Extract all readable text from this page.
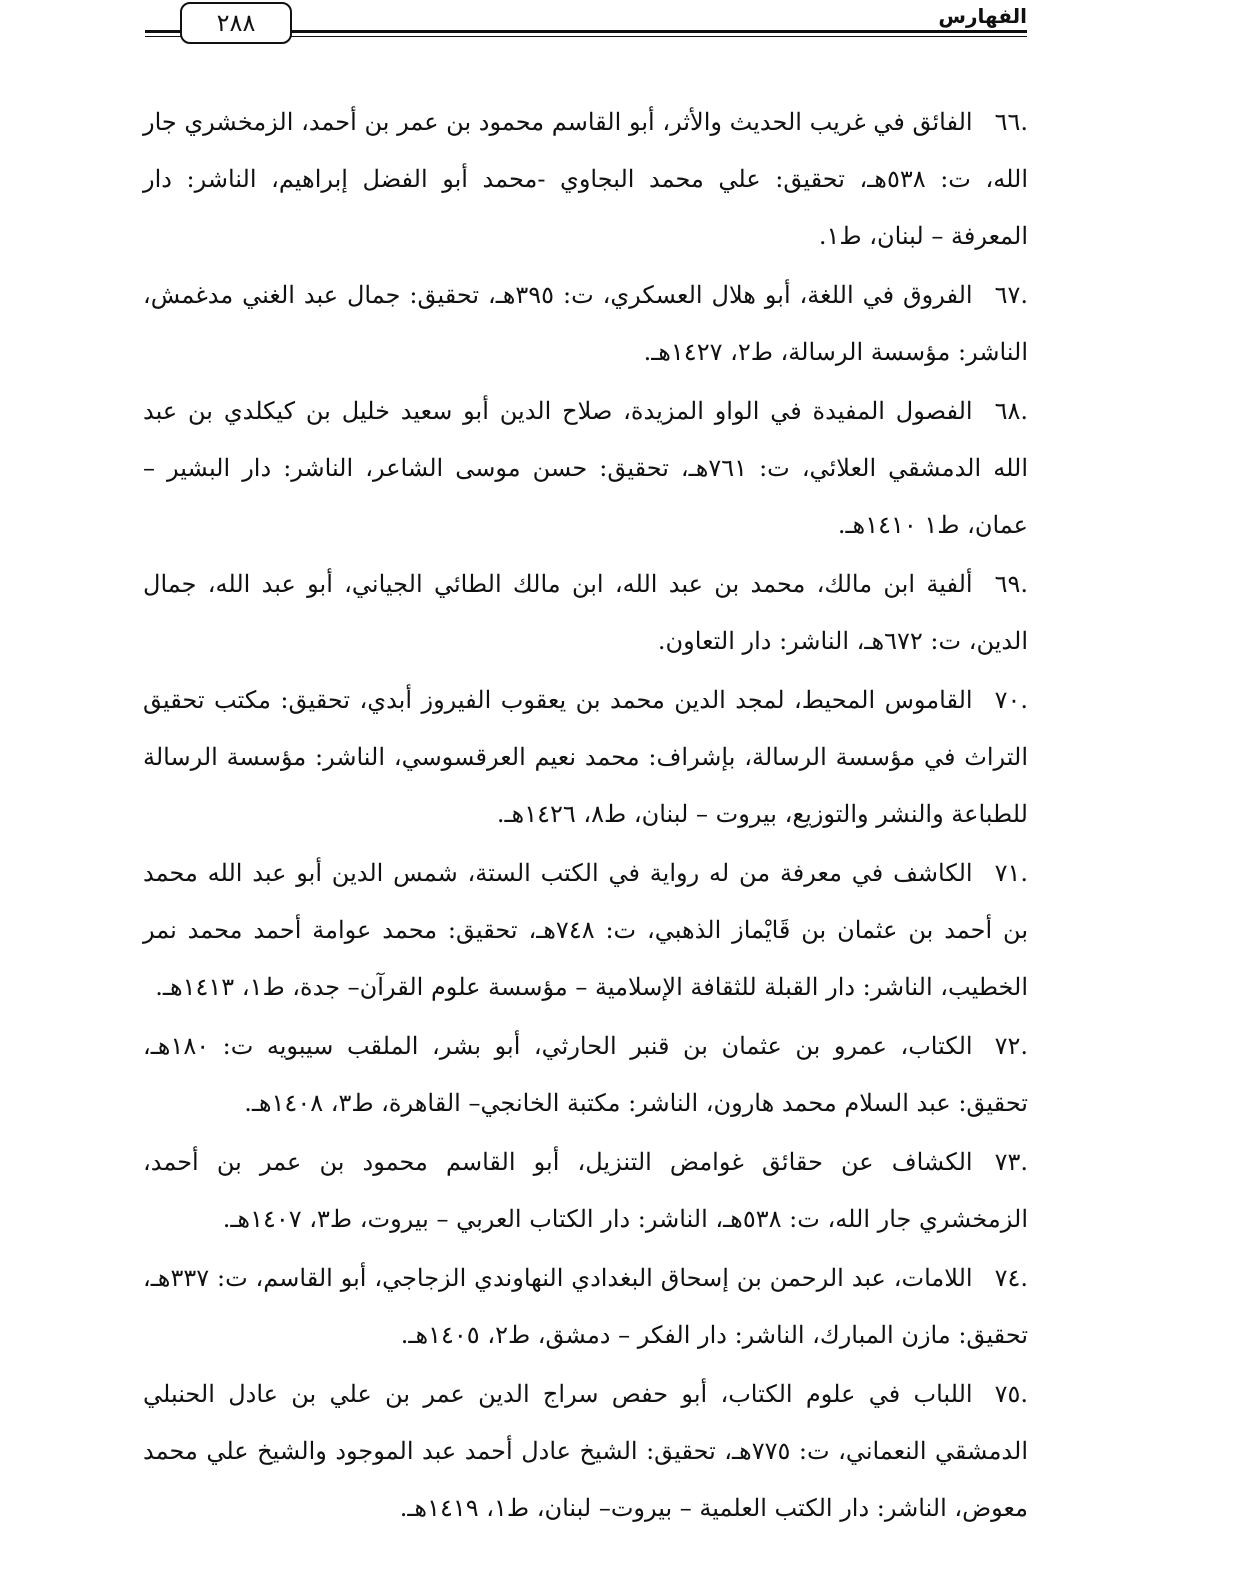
٢٨٨	الفهارس

.٦٦الفائق في غريب الحديث والأثر، أبو القاسم محمود بن عمر بن أحمد، الزمخشري جار الله، ت: ٥٣٨هـ، تحقيق: علي محمد البجاوي -محمد أبو الفضل إبراهيم، الناشر: دار المعرفة – لبنان، ط١.

.٦٧الفروق في اللغة، أبو هلال العسكري، ت: ٣٩٥هـ، تحقيق: جمال عبد الغني مدغمش، الناشر: مؤسسة الرسالة، ط٢، ١٤٢٧هـ.

.٦٨الفصول المفيدة في الواو المزيدة، صلاح الدين أبو سعيد خليل بن كيكلدي بن عبد الله الدمشقي العلائي، ت: ٧٦١هـ، تحقيق: حسن موسى الشاعر، الناشر: دار البشير – عمان، ط١ ١٤١٠هـ.

.٦٩ألفية ابن مالك، محمد بن عبد الله، ابن مالك الطائي الجياني، أبو عبد الله، جمال الدين، ت: ٦٧٢هـ، الناشر: دار التعاون.

.٧٠القاموس المحيط، لمجد الدين محمد بن يعقوب الفيروز أبدي، تحقيق: مكتب تحقيق التراث في مؤسسة الرسالة، بإشراف: محمد نعيم العرقسوسي، الناشر: مؤسسة الرسالة للطباعة والنشر والتوزيع، بيروت – لبنان، ط٨، ١٤٢٦هـ.

.٧١الكاشف في معرفة من له رواية في الكتب الستة، شمس الدين أبو عبد الله محمد بن أحمد بن عثمان بن قَايْماز الذهبي، ت: ٧٤٨هـ، تحقيق: محمد عوامة أحمد محمد نمر الخطيب، الناشر: دار القبلة للثقافة الإسلامية – مؤسسة علوم القرآن– جدة، ط١، ١٤١٣هـ.

.٧٢الكتاب، عمرو بن عثمان بن قنبر الحارثي، أبو بشر، الملقب سيبويه ت: ١٨٠هـ، تحقيق: عبد السلام محمد هارون، الناشر: مكتبة الخانجي– القاهرة، ط٣، ١٤٠٨هـ.

.٧٣الكشاف عن حقائق غوامض التنزيل، أبو القاسم محمود بن عمر بن أحمد، الزمخشري جار الله، ت: ٥٣٨هـ، الناشر: دار الكتاب العربي – بيروت، ط٣، ١٤٠٧هـ.

.٧٤اللامات، عبد الرحمن بن إسحاق البغدادي النهاوندي الزجاجي، أبو القاسم، ت: ٣٣٧هـ، تحقيق: مازن المبارك، الناشر: دار الفكر – دمشق، ط٢، ١٤٠٥هـ.

.٧٥اللباب في علوم الكتاب، أبو حفص سراج الدين عمر بن علي بن عادل الحنبلي الدمشقي النعماني، ت: ٧٧٥هـ، تحقيق: الشيخ عادل أحمد عبد الموجود والشيخ علي محمد معوض، الناشر: دار الكتب العلمية – بيروت– لبنان، ط١، ١٤١٩هـ.
